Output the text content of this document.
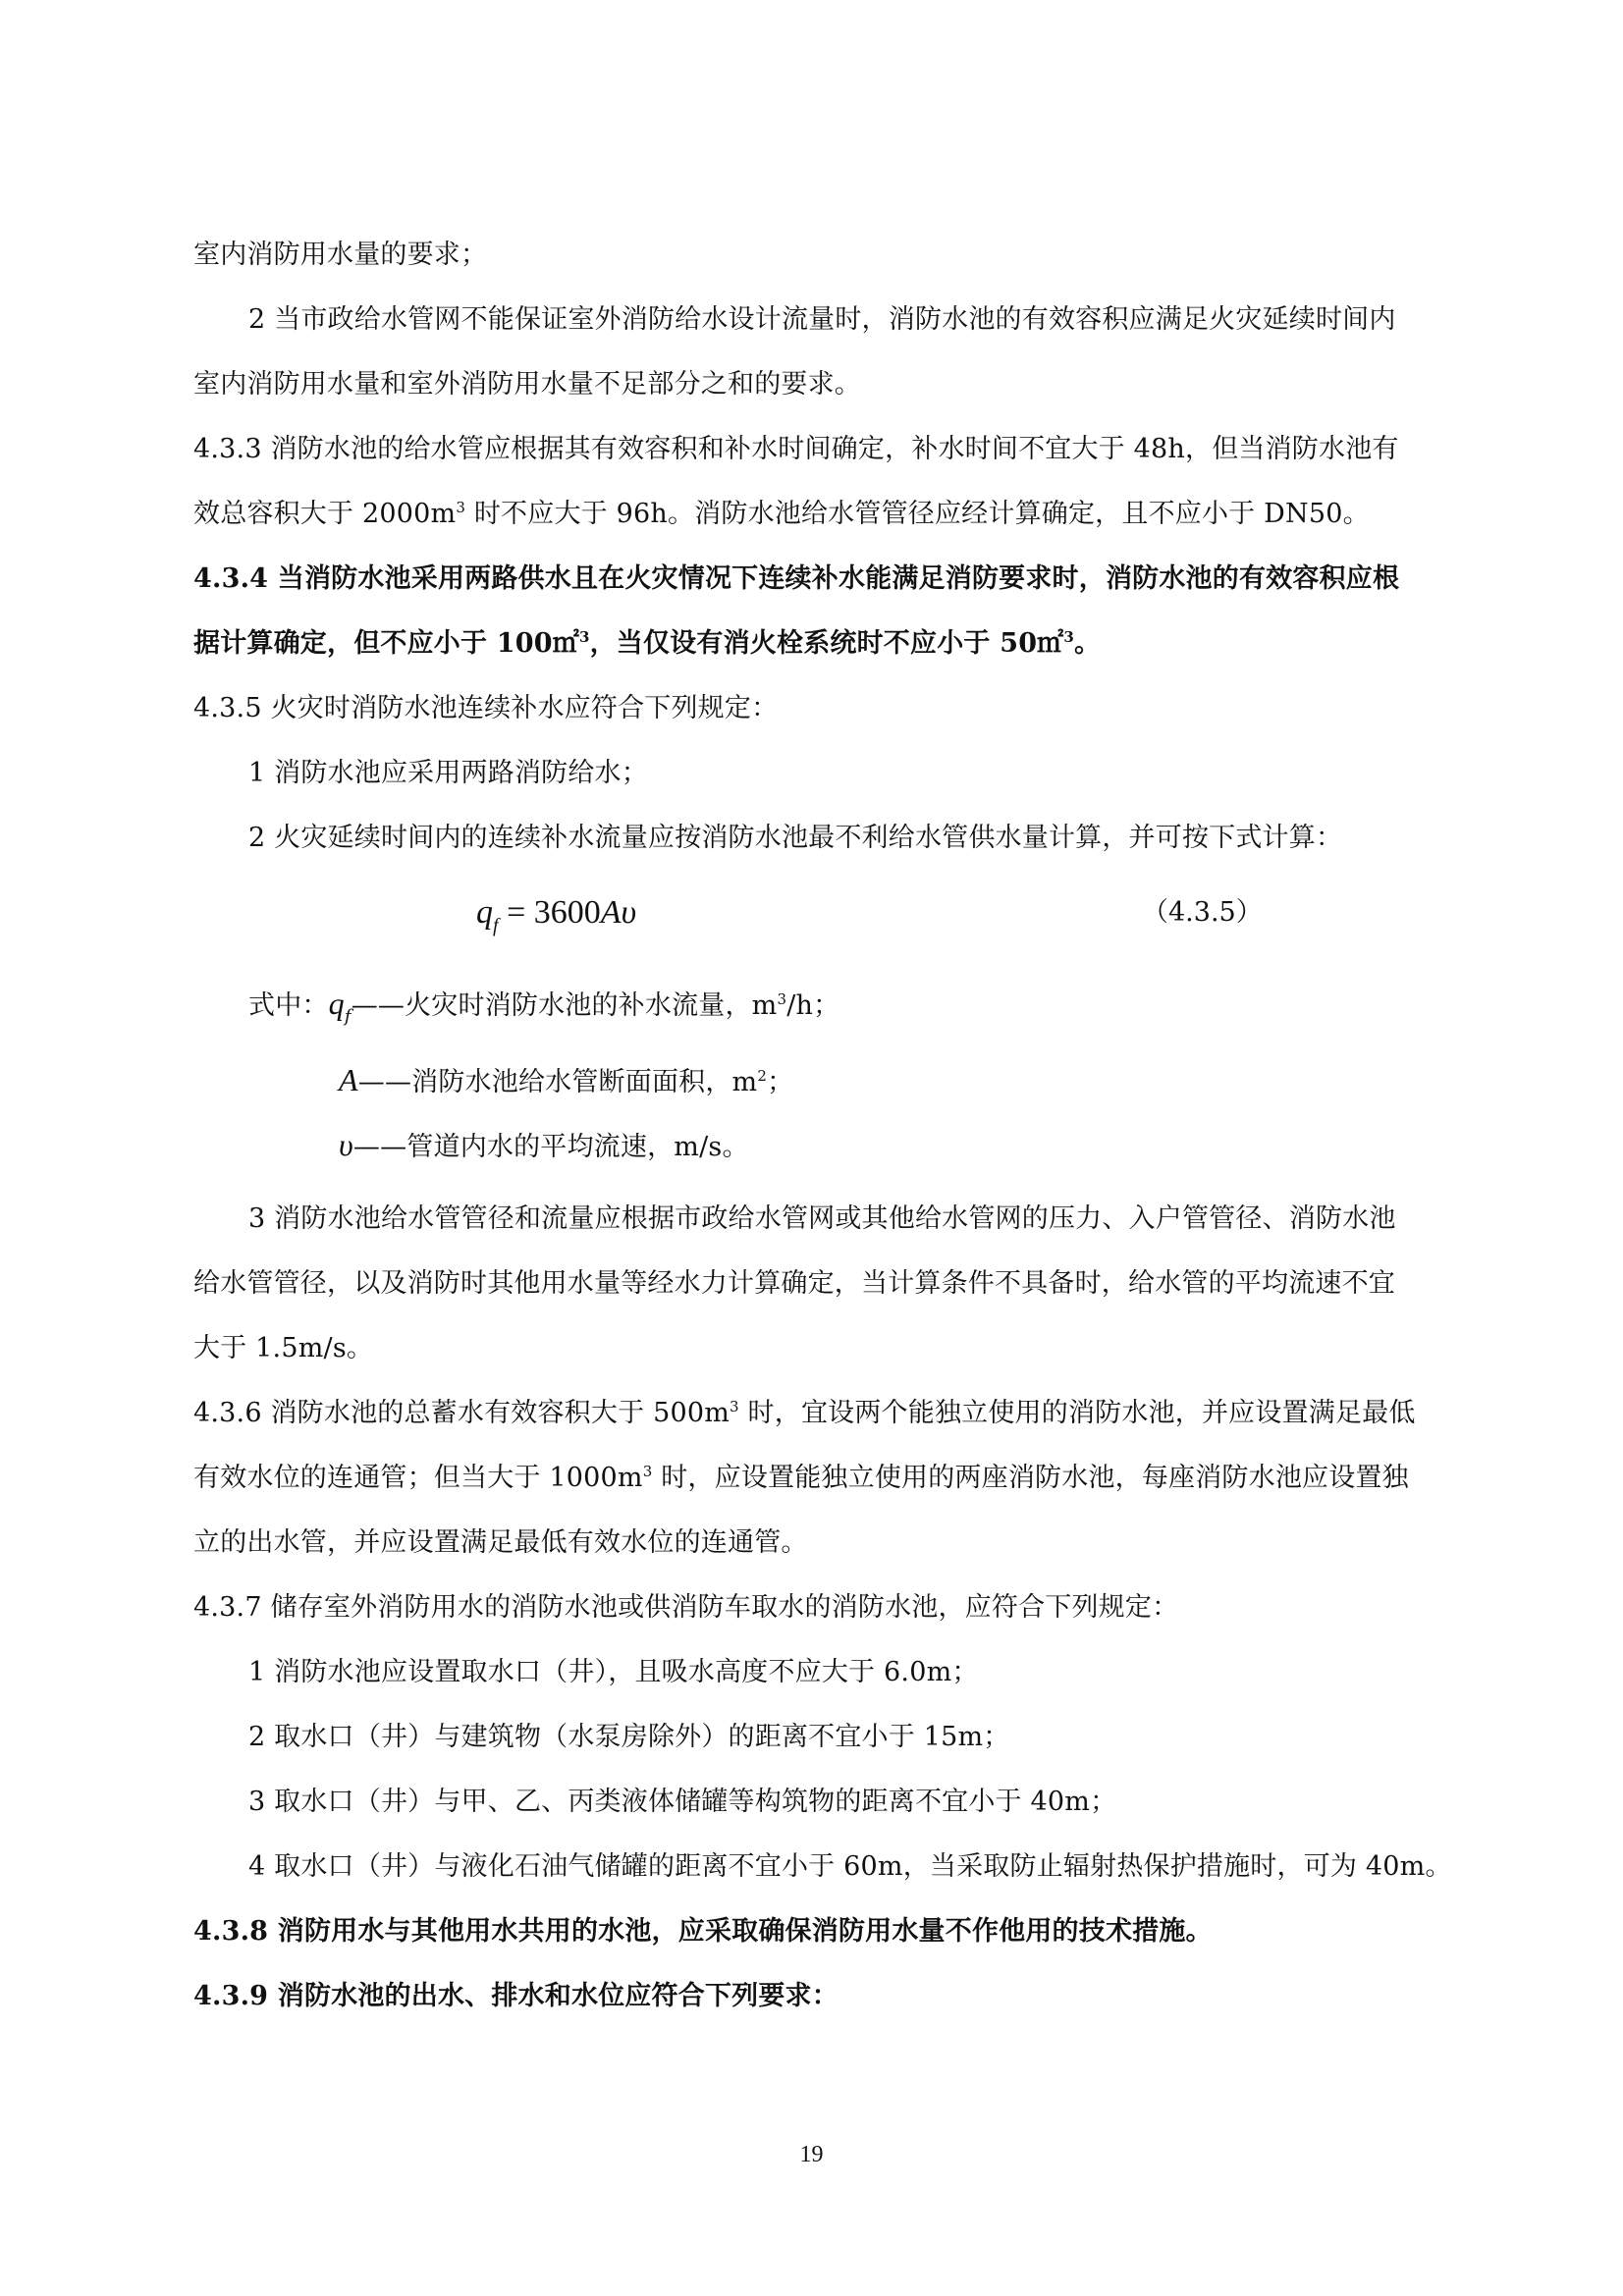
室内消防用水量的要求；
2 当市政给水管网不能保证室外消防给水设计流量时，消防水池的有效容积应满足火灾延续时间内
室内消防用水量和室外消防用水量不足部分之和的要求。
4.3.3 消防水池的给水管应根据其有效容积和补水时间确定，补水时间不宜大于 48h，但当消防水池有
效总容积大于 $2000m^3$ 时不应大于 96h。消防水池给水管管径应经计算确定，且不应小于 DN50。
4.3.4 当消防水池采用两路供水且在火灾情况下连续补水能满足消防要求时，消防水池的有效容积应根
据计算确定，但不应小于 100㎡$^3$，当仅设有消火栓系统时不应小于 50㎡$^3$。
4.3.5 火灾时消防水池连续补水应符合下列规定：
1 消防水池应采用两路消防给水；
2 火灾延续时间内的连续补水流量应按消防水池最不利给水管供水量计算，并可按下式计算：
$q_f = 3600A\upsilon$	（4.3.5）
式中：$q_f——$火灾时消防水池的补水流量，$m^3/h$；
A——消防水池给水管断面面积，$m^2$；
υ——管道内水的平均流速，m/s。
3 消防水池给水管管径和流量应根据市政给水管网或其他给水管网的压力、入户管管径、消防水池
给水管管径，以及消防时其他用水量等经水力计算确定，当计算条件不具备时，给水管的平均流速不宜
大于 1.5m/s。
4.3.6 消防水池的总蓄水有效容积大于 $500m^3$ 时，宜设两个能独立使用的消防水池，并应设置满足最低
有效水位的连通管；但当大于 $1000m^3$ 时，应设置能独立使用的两座消防水池，每座消防水池应设置独
立的出水管，并应设置满足最低有效水位的连通管。
4.3.7 储存室外消防用水的消防水池或供消防车取水的消防水池，应符合下列规定：
1 消防水池应设置取水口（井），且吸水高度不应大于 6.0m；
2 取水口（井）与建筑物（水泵房除外）的距离不宜小于 15m；
3 取水口（井）与甲、乙、丙类液体储罐等构筑物的距离不宜小于 40m；
4 取水口（井）与液化石油气储罐的距离不宜小于 60m，当采取防止辐射热保护措施时，可为 40m。
4.3.8 消防用水与其他用水共用的水池，应采取确保消防用水量不作他用的技术措施。
4.3.9 消防水池的出水、排水和水位应符合下列要求：
19
